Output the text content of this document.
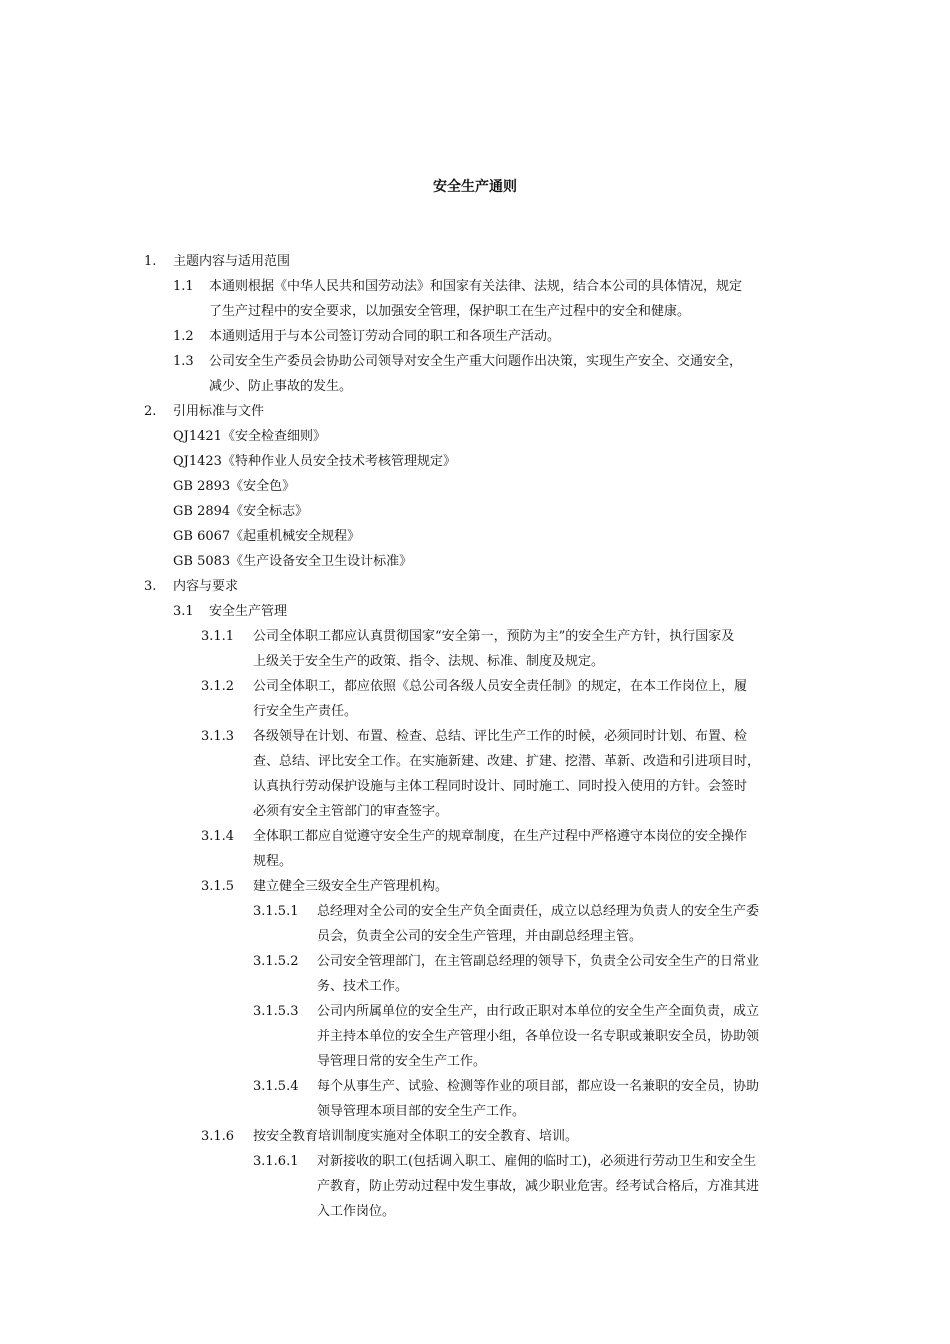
安全生产通则
1. 主题内容与适用范围
1.1 本通则根据《中华人民共和国劳动法》和国家有关法律、法规，结合本公司的具体情况，规定
了生产过程中的安全要求，以加强安全管理，保护职工在生产过程中的安全和健康。
1.2 本通则适用于与本公司签订劳动合同的职工和各项生产活动。
1.3 公司安全生产委员会协助公司领导对安全生产重大问题作出决策，实现生产安全、交通安全，
减少、防止事故的发生。
2. 引用标准与文件
QJ1421《安全检查细则》
QJ1423《特种作业人员安全技术考核管理规定》
GB 2893《安全色》
GB 2894《安全标志》
GB 6067《起重机械安全规程》
GB 5083《生产设备安全卫生设计标准》
3. 内容与要求
3.1 安全生产管理
3.1.1 公司全体职工都应认真贯彻国家“安全第一，预防为主”的安全生产方针，执行国家及
上级关于安全生产的政策、指令、法规、标准、制度及规定。
3.1.2 公司全体职工，都应依照《总公司各级人员安全责任制》的规定，在本工作岗位上，履
行安全生产责任。
3.1.3 各级领导在计划、布置、检查、总结、评比生产工作的时候，必须同时计划、布置、检
查、总结、评比安全工作。在实施新建、改建、扩建、挖潜、革新、改造和引进项目时，
认真执行劳动保护设施与主体工程同时设计、同时施工、同时投入使用的方针。会签时
必须有安全主管部门的审查签字。
3.1.4 全体职工都应自觉遵守安全生产的规章制度，在生产过程中严格遵守本岗位的安全操作
规程。
3.1.5 建立健全三级安全生产管理机构。
3.1.5.1 总经理对全公司的安全生产负全面责任，成立以总经理为负责人的安全生产委
员会，负责全公司的安全生产管理，并由副总经理主管。
3.1.5.2 公司安全管理部门，在主管副总经理的领导下，负责全公司安全生产的日常业
务、技术工作。
3.1.5.3 公司内所属单位的安全生产，由行政正职对本单位的安全生产全面负责，成立
并主持本单位的安全生产管理小组，各单位设一名专职或兼职安全员，协助领
导管理日常的安全生产工作。
3.1.5.4 每个从事生产、试验、检测等作业的项目部，都应设一名兼职的安全员，协助
领导管理本项目部的安全生产工作。
3.1.6 按安全教育培训制度实施对全体职工的安全教育、培训。
3.1.6.1 对新接收的职工(包括调入职工、雇佣的临时工)，必须进行劳动卫生和安全生
产教育，防止劳动过程中发生事故，减少职业危害。经考试合格后，方准其进
入工作岗位。
